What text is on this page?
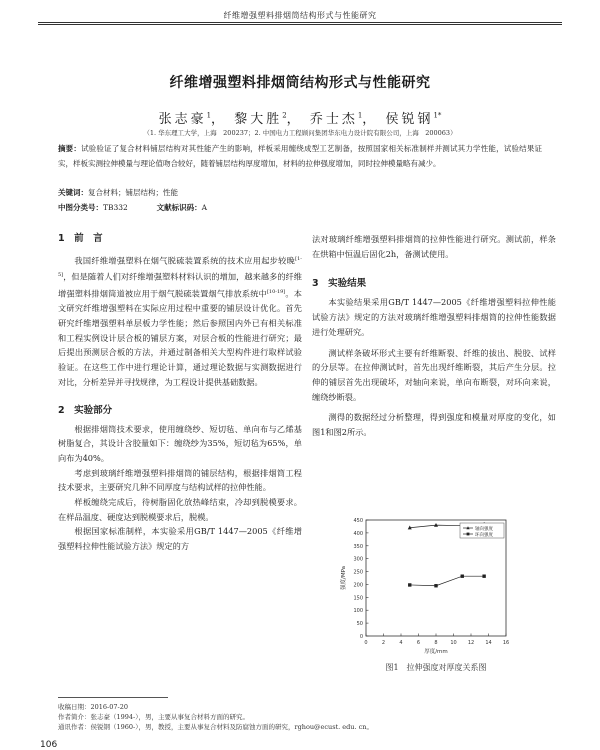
纤维增强塑料排烟筒结构形式与性能研究
纤维增强塑料排烟筒结构形式与性能研究
张志豪$^1$， 黎大胜$^2$， 乔士杰$^1$， 侯锐钢$^{1*}$
（1. 华东理工大学，上海　200237；2. 中国电力工程顾问集团华东电力设计院有限公司，上海　200063）

摘要：试验验证了复合材料铺层结构对其性能产生的影响，样板采用缠绕成型工艺制备，按照国家相关标准制样并测试其力学性能，试验结果证实，样板实测拉伸模量与理论值吻合较好，随着铺层结构厚度增加，材料的拉伸强度增加，同时拉伸模量略有减少。

关键词：复合材料；铺层结构；性能
中图分类号：TB332	文献标识码：A

1　前　言

我国纤维增强塑料在烟气脱硫装置系统的技术应用起步较晚[1-5]，但是随着人们对纤维增强塑料材料认识的增加，越来越多的纤维增强塑料排烟筒道被应用于烟气脱硫装置烟气排放系统中[10-19]。本文研究纤维增强塑料在实际应用过程中重要的铺层设计优化。首先研究纤维增强塑料单层板力学性能；然后参照国内外已有相关标准和工程实例设计层合板的铺层方案，对层合板的性能进行研究；最后提出预测层合板的方法，并通过制备相关大型构件进行取样试验验证。在这些工作中进行理论计算，通过理论数据与实测数据进行对比，分析差异并寻找规律，为工程设计提供基础数据。

2　实验部分

根据排烟筒技术要求，使用缠绕纱、短切毡、单向布与乙烯基树脂复合，其设计含胶量如下：缠绕纱为35%，短切毡为65%，单向布为40%。

考虑到玻璃纤维增强塑料排烟筒的铺层结构，根据排烟筒工程技术要求，主要研究几种不同厚度与结构试样的拉伸性能。

样板缠绕完成后，待树脂固化放热峰结束，冷却到脱模要求。在样品温度、硬度达到脱模要求后，脱模。

根据国家标准制样，本实验采用GB/T 1447—2005《纤维增强塑料拉伸性能试验方法》规定的方

法对玻璃纤维增强塑料排烟筒的拉伸性能进行研究。测试前，样条在烘箱中恒温后固化2h，备测试使用。

3　实验结果

本实验结果采用GB/T 1447—2005《纤维增强塑料拉伸性能试验方法》规定的方法对玻璃纤维增强塑料排烟筒的拉伸性能数据进行处理研究。

测试样条破坏形式主要有纤维断裂、纤维的拔出、脱胶、试样的分层等。在拉伸测试时，首先出现纤维断裂，其后产生分层。拉伸的铺层首先出现破坏，对轴向来说，单向布断裂，对环向来说，缠绕纱断裂。

测得的数据经过分析整理，得到强度和模量对厚度的变化，如图1和图2所示。

0
50
100
150
200
250
300
350
400
450
0	2	4	6	8	10 12 14 16
厚度/mm
强度/MPa
轴向强度
环向强度
图1　拉伸强度对厚度关系图
收稿日期：2016-07-20
作者简介：张志豪（1994-），男，主要从事复合材料方面的研究。
通讯作者：侯锐钢（1960-），男，教授，主要从事复合材料及防腐蚀方面的研究，rghou@ecust. edu. cn。
106
